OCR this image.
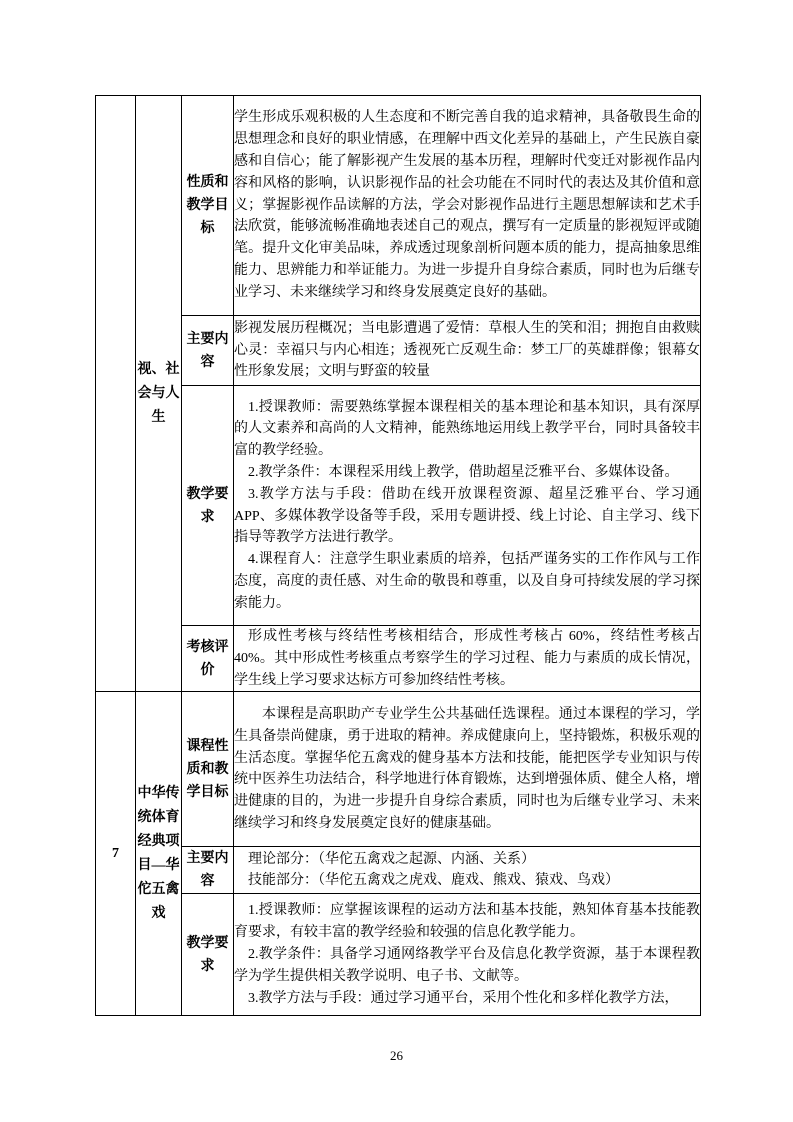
	视、社会与人生	性质和教学目标	学生形成乐观积极的人生态度和不断完善自我的追求精神，具备敬畏生命的思想理念和良好的职业情感，在理解中西文化差异的基础上，产生民族自豪感和自信心；能了解影视产生发展的基本历程，理解时代变迁对影视作品内容和风格的影响，认识影视作品的社会功能在不同时代的表达及其价值和意义；掌握影视作品读解的方法，学会对影视作品进行主题思想解读和艺术手法欣赏，能够流畅准确地表述自己的观点，撰写有一定质量的影视短评或随笔。提升文化审美品味，养成透过现象剖析问题本质的能力，提高抽象思维能力、思辨能力和举证能力。为进一步提升自身综合素质，同时也为后继专业学习、未来继续学习和终身发展奠定良好的基础。

		主要内容	影视发展历程概况；当电影遭遇了爱情：草根人生的笑和泪；拥抱自由救赎心灵：幸福只与内心相连；透视死亡反观生命：梦工厂的英雄群像；银幕女性形象发展；文明与野蛮的较量

		教学要求	1.授课教师：需要熟练掌握本课程相关的基本理论和基本知识，具有深厚的人文素养和高尚的人文精神，能熟练地运用线上教学平台，同时具备较丰富的教学经验。

2.教学条件：本课程采用线上教学，借助超星泛雅平台、多媒体设备。

3.教学方法与手段：借助在线开放课程资源、超星泛雅平台、学习通 APP、多媒体教学设备等手段，采用专题讲授、线上讨论、自主学习、线下指导等教学方法进行教学。

4.课程育人：注意学生职业素质的培养，包括严谨务实的工作作风与工作态度，高度的责任感、对生命的敬畏和尊重，以及自身可持续发展的学习探索能力。

		考核评价	形成性考核与终结性考核相结合，形成性考核占 60%，终结性考核占 40%。其中形成性考核重点考察学生的学习过程、能力与素质的成长情况，学生线上学习要求达标方可参加终结性考核。

7	中华传统体育经典项目—华佗五禽戏	课程性质和教学目标	本课程是高职助产专业学生公共基础任选课程。通过本课程的学习，学生具备崇尚健康，勇于进取的精神。养成健康向上，坚持锻炼，积极乐观的生活态度。掌握华佗五禽戏的健身基本方法和技能，能把医学专业知识与传统中医养生功法结合，科学地进行体育锻炼，达到增强体质、健全人格，增进健康的目的，为进一步提升自身综合素质，同时也为后继专业学习、未来继续学习和终身发展奠定良好的健康基础。

		主要内容	理论部分：（华佗五禽戏之起源、内涵、关系）

技能部分：（华佗五禽戏之虎戏、鹿戏、熊戏、猿戏、鸟戏）

		教学要求	1.授课教师：应掌握该课程的运动方法和基本技能，熟知体育基本技能教育要求，有较丰富的教学经验和较强的信息化教学能力。

2.教学条件：具备学习通网络教学平台及信息化教学资源，基于本课程教学为学生提供相关教学说明、电子书、文献等。

3.教学方法与手段：通过学习通平台，采用个性化和多样化教学方法，

26
